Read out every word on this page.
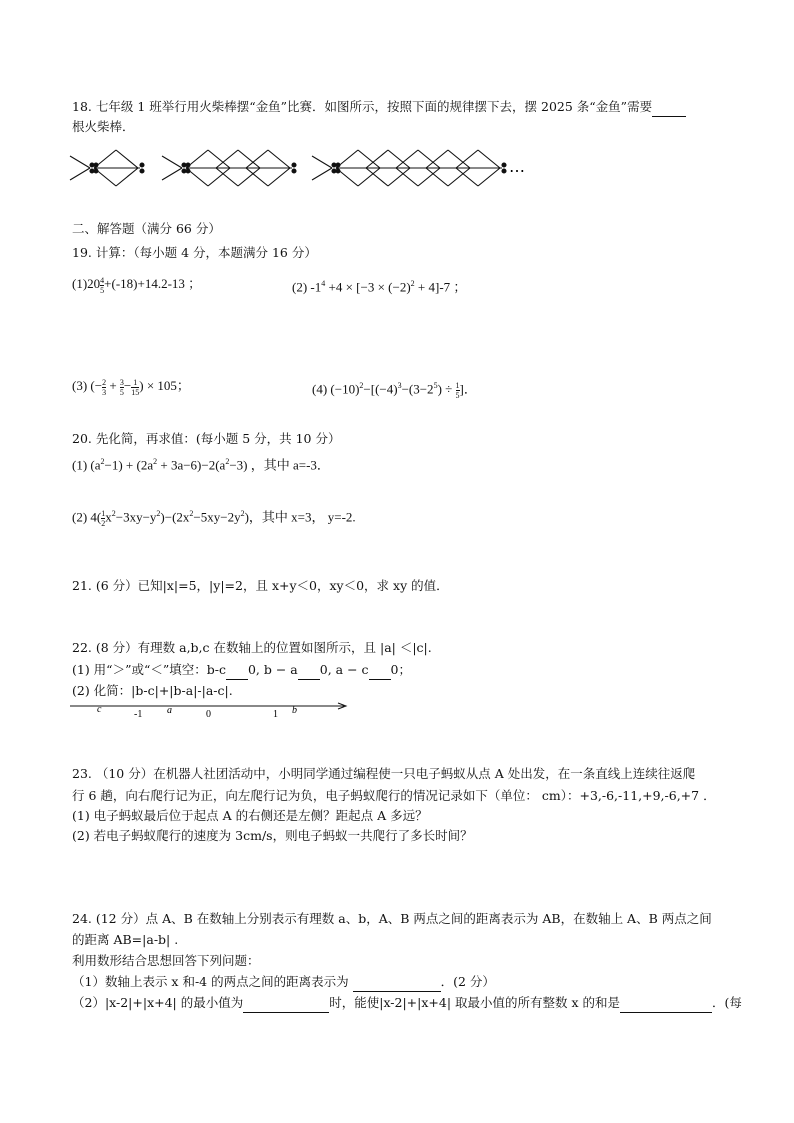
18. 七年级 1 班举行用火柴棒摆“金鱼”比赛．如图所示，按照下面的规律摆下去，摆 2025 条“金鱼”需要
根火柴棒．
…
二、解答题（满分 66 分）
19. 计算：（每小题 4 分，本题满分 16 分）
$(1)20 \frac{4}{5} +(-18)+14.2-13$ ；	(2) $-1^4 +4 \times [-3 \times (-2)^2 + 4]-7$ ；
(3) (− $\frac{2}{3} + \frac{3}{5} - \frac{1}{15}$ ) × 105；	(4) $(-10)^2-[(-4)^3-(3-2^5) \div \frac{1}{5}$ ]．
20. 先化简，再求值：(每小题 5 分，共 10 分）
(1) $(a^2-1) + (2a^2 + 3a-6)-2(a^2-3)$ ，其中 a=-3．
(2) $4( \frac{1}{2} x^2-3xy-y^2)-(2x^2-5xy-2y^2)$，其中 x=3， y=-2.
21. (6 分）已知|x|=5，|y|=2，且 x+y＜0，xy＜0，求 xy 的值．
22. (8 分）有理数 a,b,c 在数轴上的位置如图所示，且 |a| ＜|c|.
(1) 用“＞”或“＜”填空：b-c 0, b − a 0, a − c 0；
(2) 化简：|b-c|+|b-a|-|a-c|.
c	-1 a	0	1 b
23. （10 分）在机器人社团活动中，小明同学通过编程使一只电子蚂蚁从点 A 处出发，在一条直线上连续往返爬
行 6 趟，向右爬行记为正，向左爬行记为负，电子蚂蚁爬行的情况记录如下（单位： cm）：+3,-6,-11,+9,-6,+7 ．
(1) 电子蚂蚁最后位于起点 A 的右侧还是左侧？距起点 A 多远？
(2) 若电子蚂蚁爬行的速度为 3cm/s，则电子蚂蚁一共爬行了多长时间？
24. (12 分）点 A、B 在数轴上分别表示有理数 a、b，A、B 两点之间的距离表示为 AB，在数轴上 A、B 两点之间
的距离 AB=|a-b| .
利用数形结合思想回答下列问题：
（1）数轴上表示 x 和-4 的两点之间的距离表示为	．(2 分）
（2）|x-2|+|x+4| 的最小值为	时，能使|x-2|+|x+4| 取最小值的所有整数 x 的和是	．(每
